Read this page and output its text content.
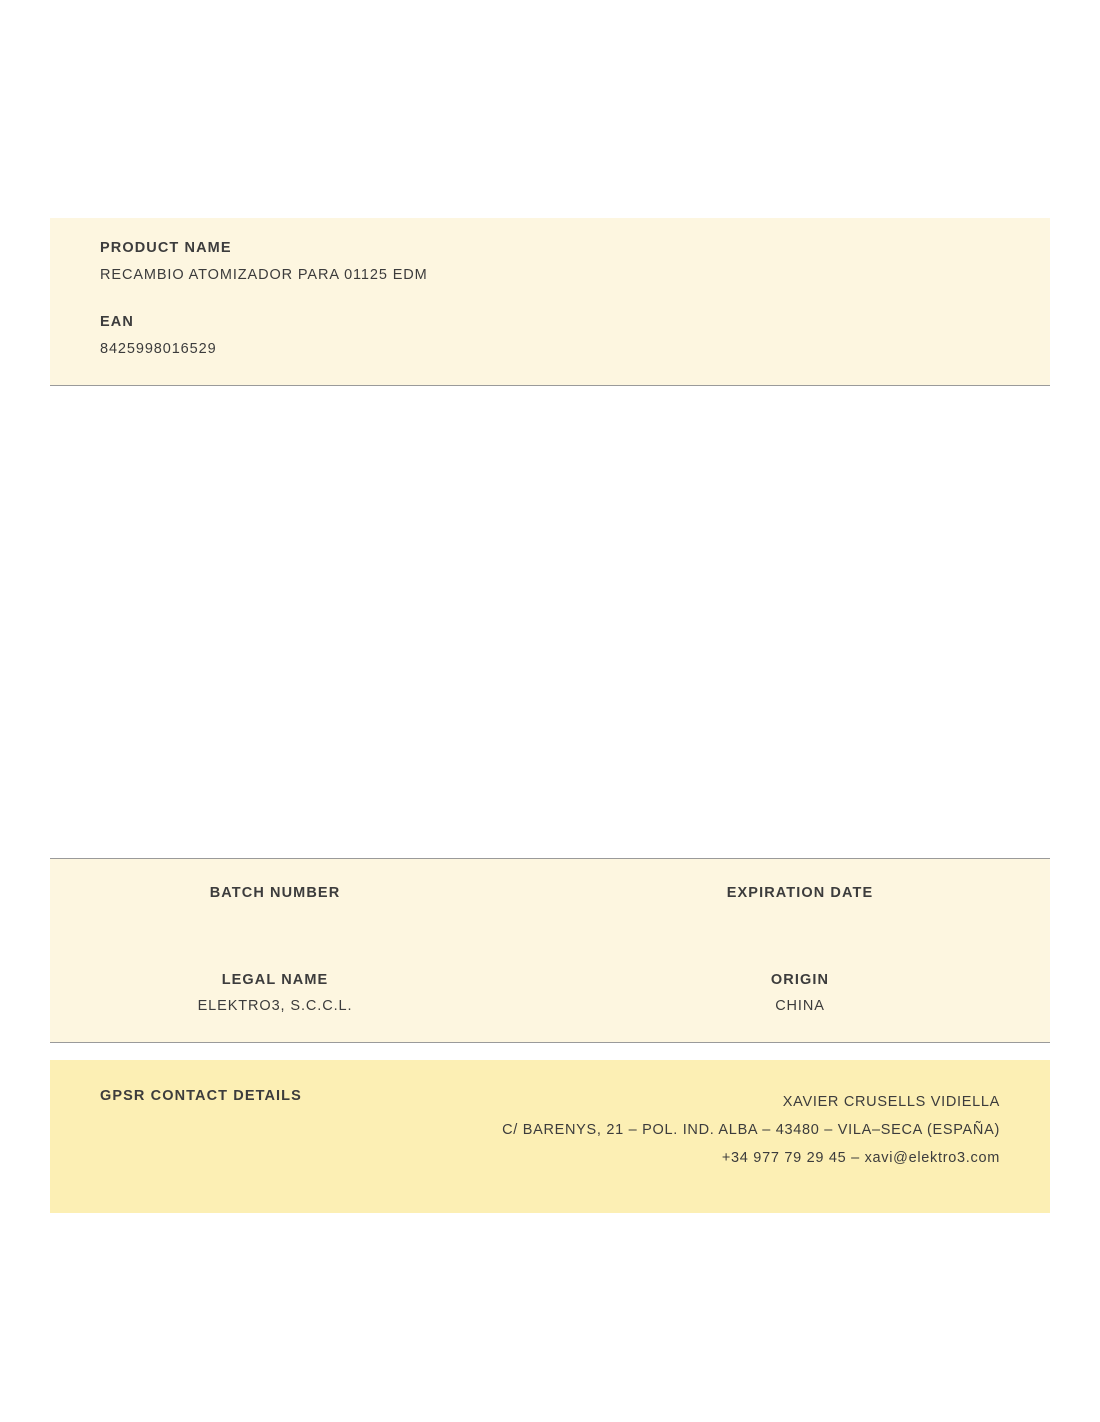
PRODUCT NAME
RECAMBIO ATOMIZADOR PARA 01125 EDM
EAN
8425998016529
BATCH NUMBER	EXPIRATION DATE
LEGAL NAME
ELEKTRO3, S.C.C.L.
ORIGIN
CHINA
GPSR CONTACT DETAILS	XAVIER CRUSELLS VIDIELLA
C/ BARENYS, 21 – POL. IND. ALBA – 43480 – VILA–SECA (ESPAÑA)
+34 977 79 29 45 – xavi@elektro3.com
